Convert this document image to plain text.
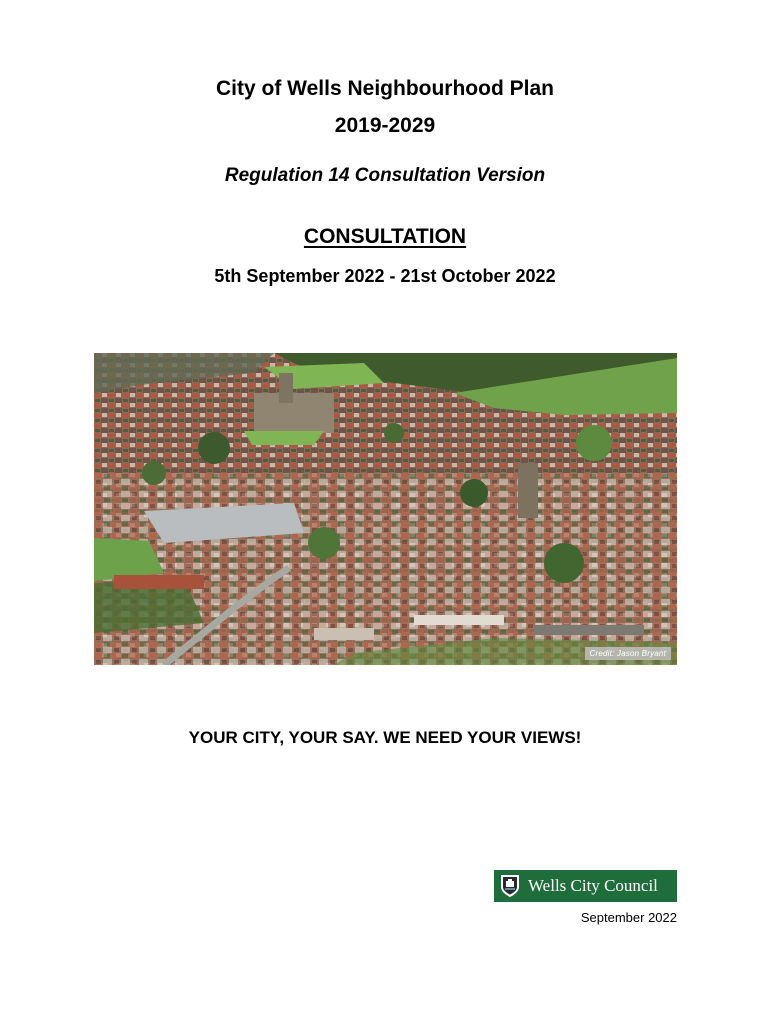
City of Wells Neighbourhood Plan
2019-2029
Regulation 14 Consultation Version
CONSULTATION
5th September 2022 - 21st October 2022
Credit: Jason Bryant
YOUR CITY, YOUR SAY. WE NEED YOUR VIEWS!
Wells City Council
September 2022
